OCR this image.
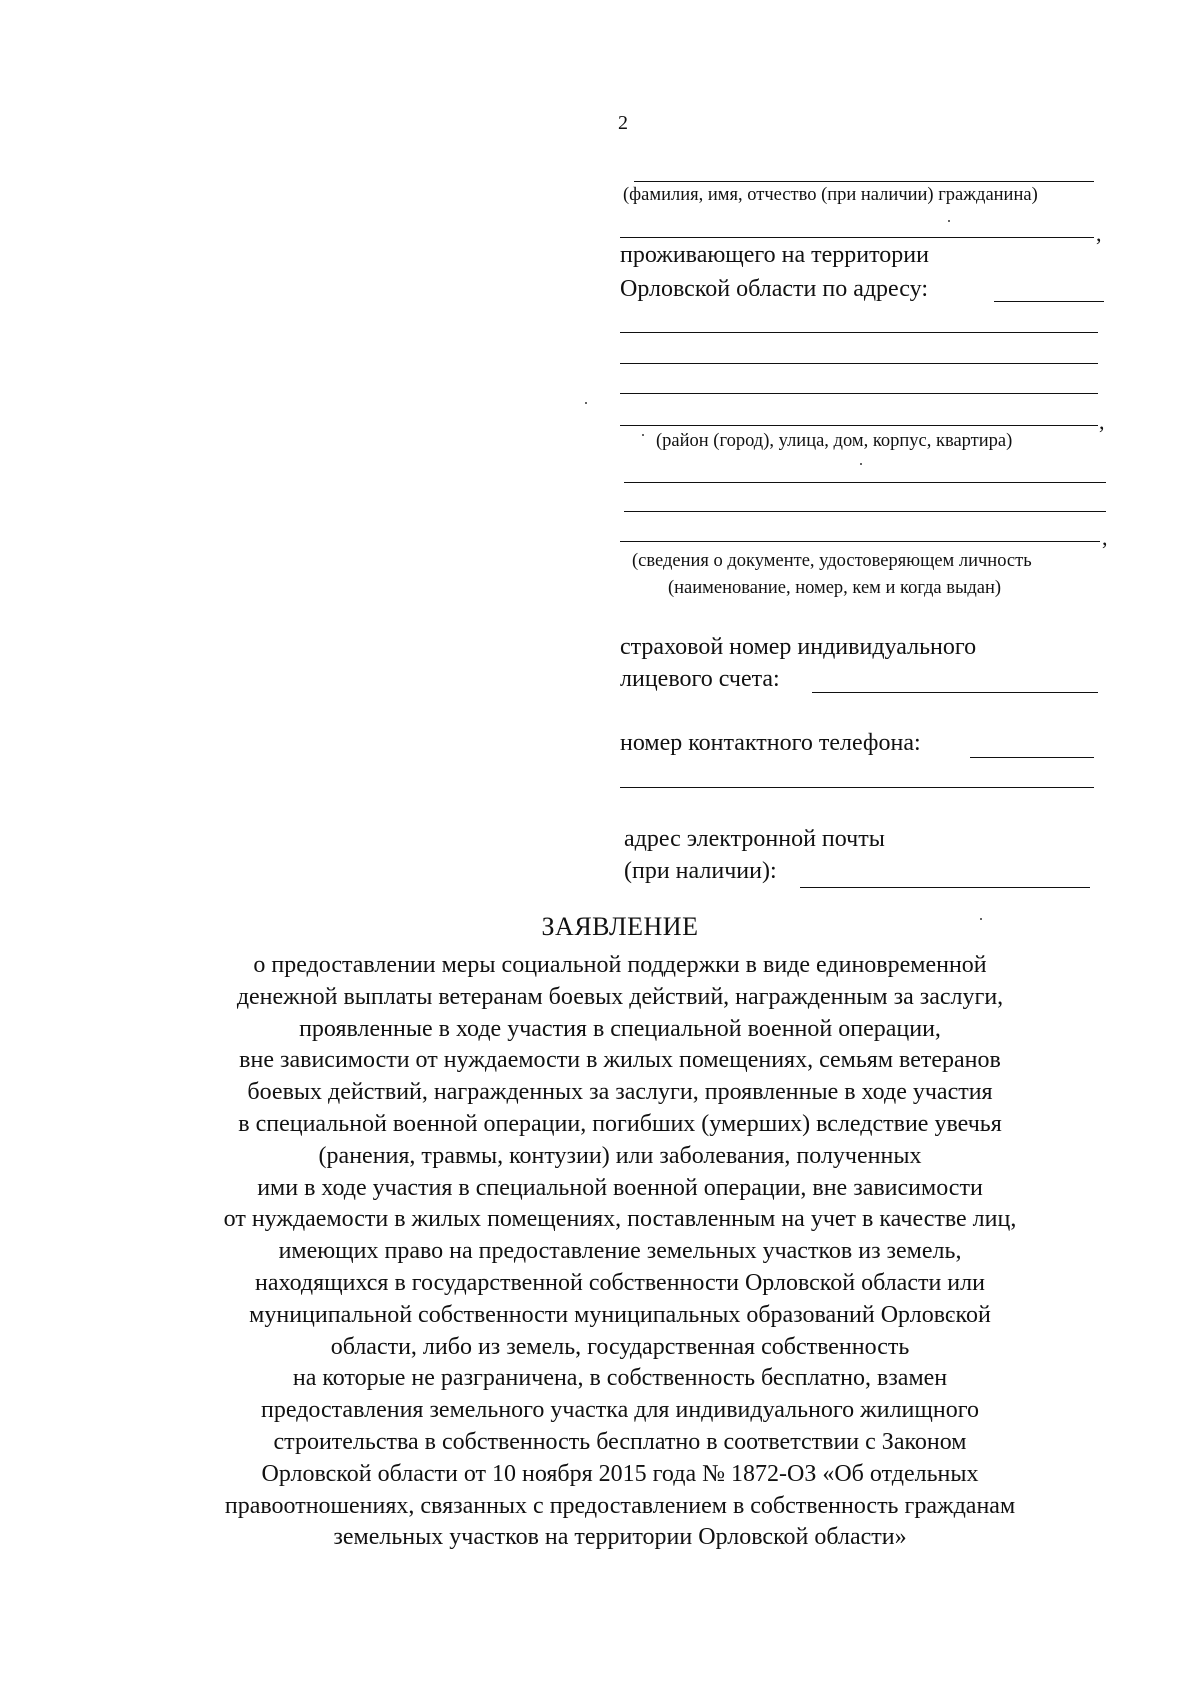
2
(фамилия, имя, отчество (при наличии) гражданина)
,
проживающего на территории
Орловской области по адресу:
,
(район (город), улица, дом, корпус, квартира)
,
(сведения о документе, удостоверяющем личность
(наименование, номер, кем и когда выдан)
страховой номер индивидуального
лицевого счета:
номер контактного телефона:
адрес электронной почты
(при наличии):
ЗАЯВЛЕНИЕ
о предоставлении меры социальной поддержки в виде единовременной
денежной выплаты ветеранам боевых действий, награжденным за заслуги,
проявленные в ходе участия в специальной военной операции,
вне зависимости от нуждаемости в жилых помещениях, семьям ветеранов
боевых действий, награжденных за заслуги, проявленные в ходе участия
в специальной военной операции, погибших (умерших) вследствие увечья
(ранения, травмы, контузии) или заболевания, полученных
ими в ходе участия в специальной военной операции, вне зависимости
от нуждаемости в жилых помещениях, поставленным на учет в качестве лиц,
имеющих право на предоставление земельных участков из земель,
находящихся в государственной собственности Орловской области или
муниципальной собственности муниципальных образований Орловской
области, либо из земель, государственная собственность
на которые не разграничена, в собственность бесплатно, взамен
предоставления земельного участка для индивидуального жилищного
строительства в собственность бесплатно в соответствии с Законом
Орловской области от 10 ноября 2015 года № 1872-ОЗ «Об отдельных
правоотношениях, связанных с предоставлением в собственность гражданам
земельных участков на территории Орловской области»
